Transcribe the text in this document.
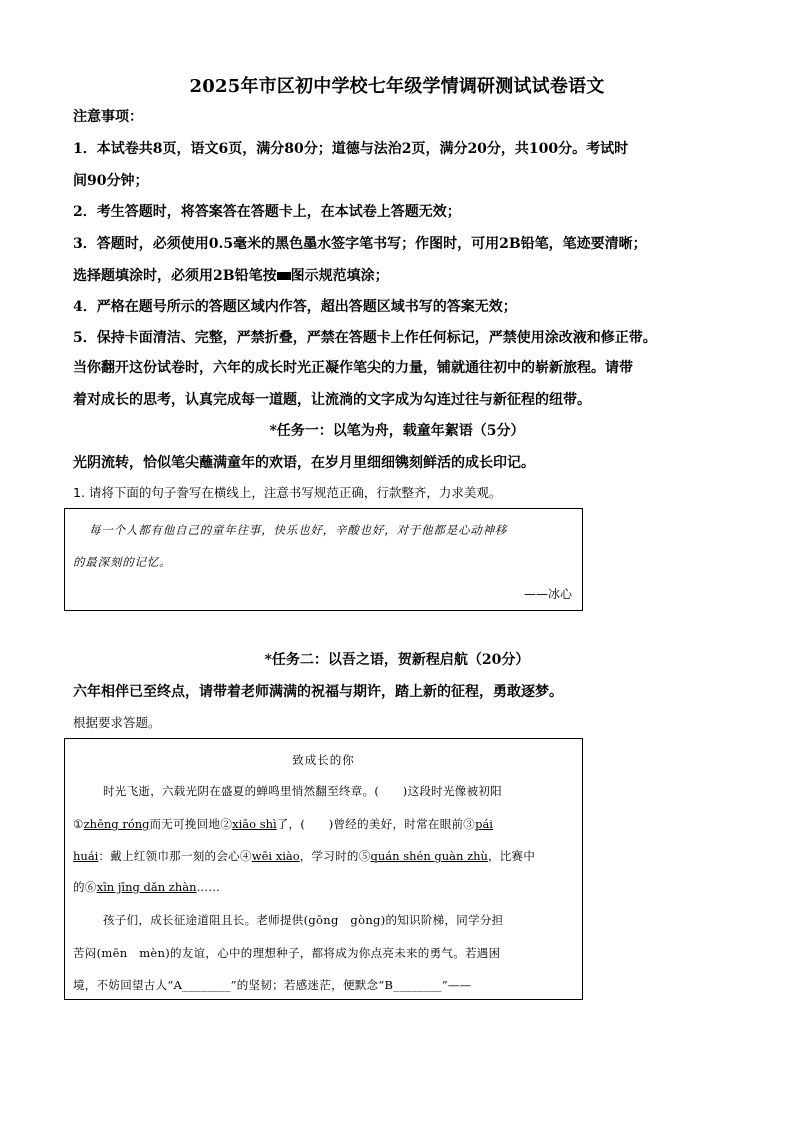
2025年市区初中学校七年级学情调研测试试卷语文
注意事项：
1．本试卷共8页，语文6页，满分80分；道德与法治2页，满分20分，共100分。考试时
间90分钟；
2．考生答题时，将答案答在答题卡上，在本试卷上答题无效；
3．答题时，必须使用0.5毫米的黑色墨水签字笔书写；作图时，可用2B铅笔，笔迹要清晰；
选择题填涂时，必须用2B铅笔按 图示规范填涂；
4．严格在题号所示的答题区域内作答，超出答题区域书写的答案无效；
5．保持卡面清洁、完整，严禁折叠，严禁在答题卡上作任何标记，严禁使用涂改液和修正带。
当你翻开这份试卷时，六年的成长时光正凝作笔尖的力量，铺就通往初中的崭新旅程。请带
着对成长的思考，认真完成每一道题，让流淌的文字成为勾连过往与新征程的纽带。
*任务一：以笔为舟，载童年絮语（5分）
光阴流转，恰似笔尖蘸满童年的欢语，在岁月里细细镌刻鲜活的成长印记。
1. 请将下面的句子誊写在横线上，注意书写规范正确，行款整齐，力求美观。
每一个人都有他自己的童年往事，快乐也好，辛酸也好，对于他都是心动神移
的最深刻的记忆。
——冰心
*任务二：以吾之语，贺新程启航（20分）
六年相伴已至终点，请带着老师满满的祝福与期许，踏上新的征程，勇敢逐梦。
根据要求答题。
致成长的你
时光飞逝，六载光阴在盛夏的蝉鸣里悄然翻至终章。(　　)这段时光像被初阳
①zhēng róng而无可挽回地②xiāo shì了，(　　)曾经的美好，时常在眼前③pái
huái：戴上红领巾那一刻的会心④wēi xiào，学习时的⑤quán shén guàn zhù，比赛中
的⑥xīn jīng dǎn zhàn……
孩子们，成长征途道阻且长。老师提供(gōng　gòng)的知识阶梯，同学分担
苦闷(mēn　mèn)的友谊，心中的理想种子，都将成为你点亮未来的勇气。若遇困
境，不妨回望古人“A________”的坚韧；若感迷茫，便默念“B________”——
